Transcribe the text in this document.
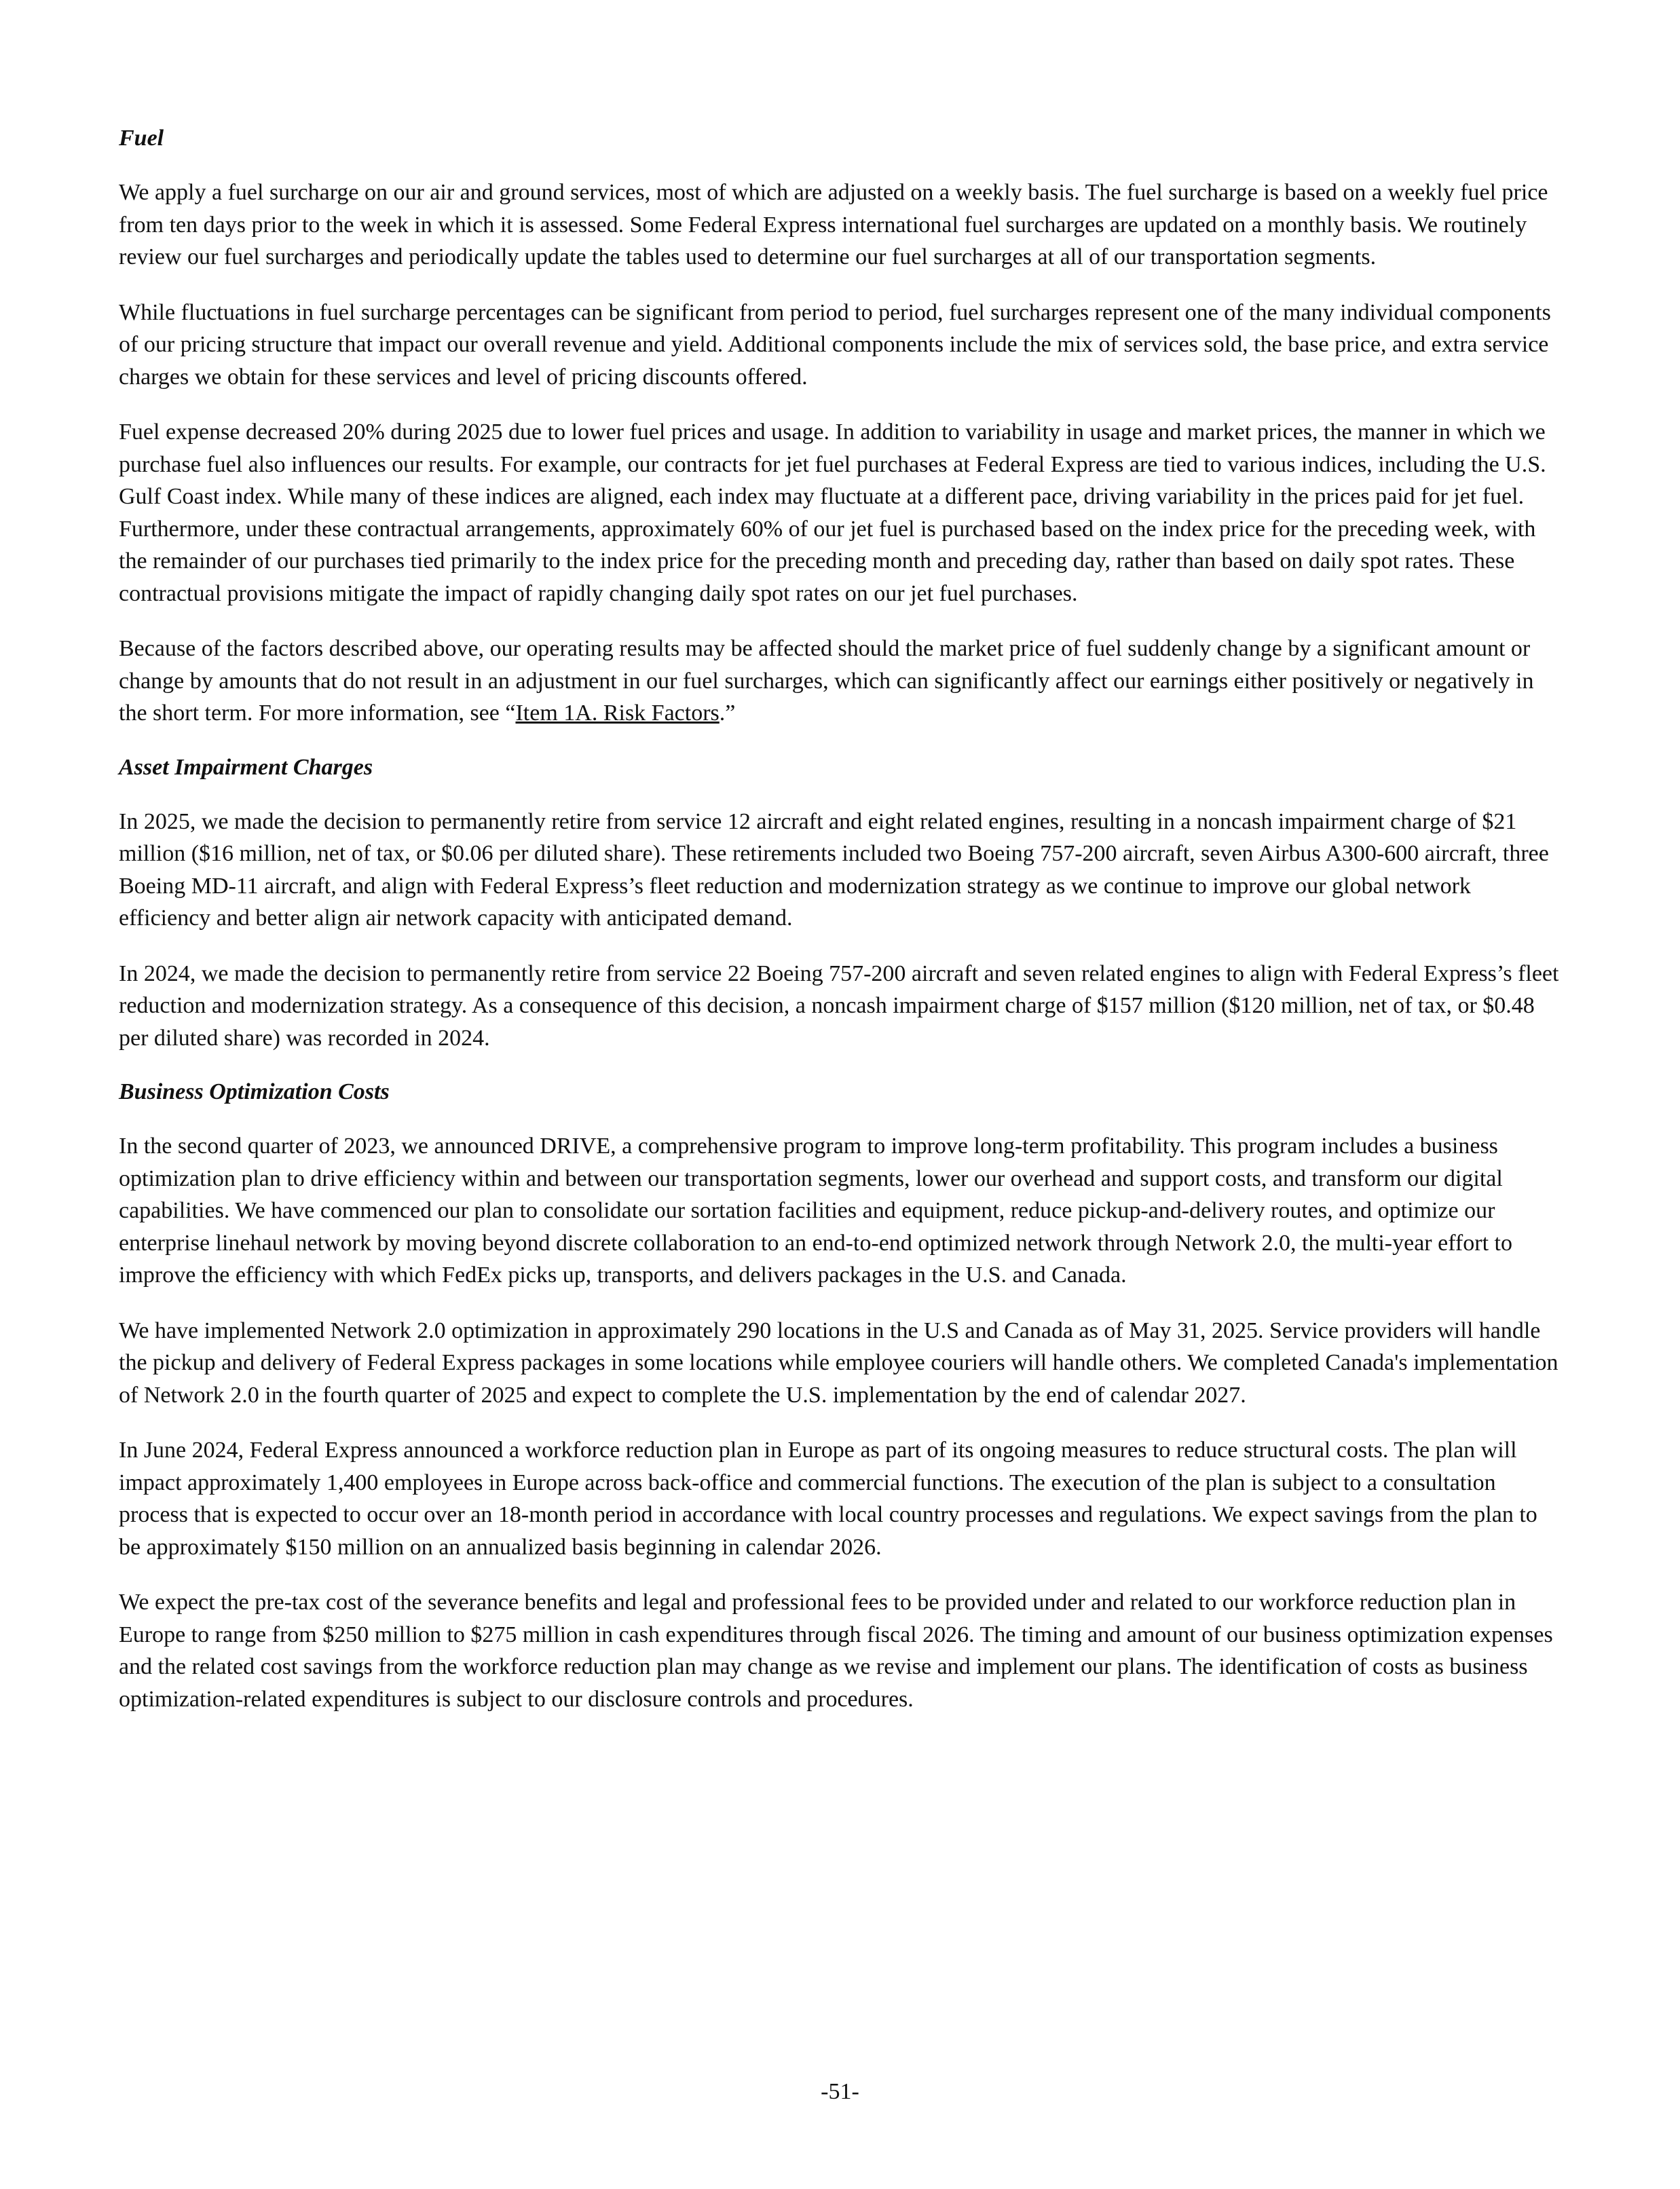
Fuel

We apply a fuel surcharge on our air and ground services, most of which are adjusted on a weekly basis. The fuel surcharge is based on a weekly fuel price from ten days prior to the week in which it is assessed. Some Federal Express international fuel surcharges are updated on a monthly basis. We routinely review our fuel surcharges and periodically update the tables used to determine our fuel surcharges at all of our transportation segments.

While fluctuations in fuel surcharge percentages can be significant from period to period, fuel surcharges represent one of the many individual components of our pricing structure that impact our overall revenue and yield. Additional components include the mix of services sold, the base price, and extra service charges we obtain for these services and level of pricing discounts offered.

Fuel expense decreased 20% during 2025 due to lower fuel prices and usage. In addition to variability in usage and market prices, the manner in which we purchase fuel also influences our results. For example, our contracts for jet fuel purchases at Federal Express are tied to various indices, including the U.S. Gulf Coast index. While many of these indices are aligned, each index may fluctuate at a different pace, driving variability in the prices paid for jet fuel. Furthermore, under these contractual arrangements, approximately 60% of our jet fuel is purchased based on the index price for the preceding week, with the remainder of our purchases tied primarily to the index price for the preceding month and preceding day, rather than based on daily spot rates. These contractual provisions mitigate the impact of rapidly changing daily spot rates on our jet fuel purchases.

Because of the factors described above, our operating results may be affected should the market price of fuel suddenly change by a significant amount or change by amounts that do not result in an adjustment in our fuel surcharges, which can significantly affect our earnings either positively or negatively in the short term. For more information, see “Item 1A. Risk Factors.”

Asset Impairment Charges

In 2025, we made the decision to permanently retire from service 12 aircraft and eight related engines, resulting in a noncash impairment charge of $21 million ($16 million, net of tax, or $0.06 per diluted share). These retirements included two Boeing 757-200 aircraft, seven Airbus A300-600 aircraft, three Boeing MD-11 aircraft, and align with Federal Express’s fleet reduction and modernization strategy as we continue to improve our global network efficiency and better align air network capacity with anticipated demand.

In 2024, we made the decision to permanently retire from service 22 Boeing 757-200 aircraft and seven related engines to align with Federal Express’s fleet reduction and modernization strategy. As a consequence of this decision, a noncash impairment charge of $157 million ($120 million, net of tax, or $0.48 per diluted share) was recorded in 2024.

Business Optimization Costs

In the second quarter of 2023, we announced DRIVE, a comprehensive program to improve long-term profitability. This program includes a business optimization plan to drive efficiency within and between our transportation segments, lower our overhead and support costs, and transform our digital capabilities. We have commenced our plan to consolidate our sortation facilities and equipment, reduce pickup-and-delivery routes, and optimize our enterprise linehaul network by moving beyond discrete collaboration to an end-to-end optimized network through Network 2.0, the multi-year effort to improve the efficiency with which FedEx picks up, transports, and delivers packages in the U.S. and Canada.

We have implemented Network 2.0 optimization in approximately 290 locations in the U.S and Canada as of May 31, 2025. Service providers will handle the pickup and delivery of Federal Express packages in some locations while employee couriers will handle others. We completed Canada's implementation of Network 2.0 in the fourth quarter of 2025 and expect to complete the U.S. implementation by the end of calendar 2027.

In June 2024, Federal Express announced a workforce reduction plan in Europe as part of its ongoing measures to reduce structural costs. The plan will impact approximately 1,400 employees in Europe across back-office and commercial functions. The execution of the plan is subject to a consultation process that is expected to occur over an 18-month period in accordance with local country processes and regulations. We expect savings from the plan to be approximately $150 million on an annualized basis beginning in calendar 2026.

We expect the pre-tax cost of the severance benefits and legal and professional fees to be provided under and related to our workforce reduction plan in Europe to range from $250 million to $275 million in cash expenditures through fiscal 2026. The timing and amount of our business optimization expenses and the related cost savings from the workforce reduction plan may change as we revise and implement our plans. The identification of costs as business optimization-related expenditures is subject to our disclosure controls and procedures.

-51-
